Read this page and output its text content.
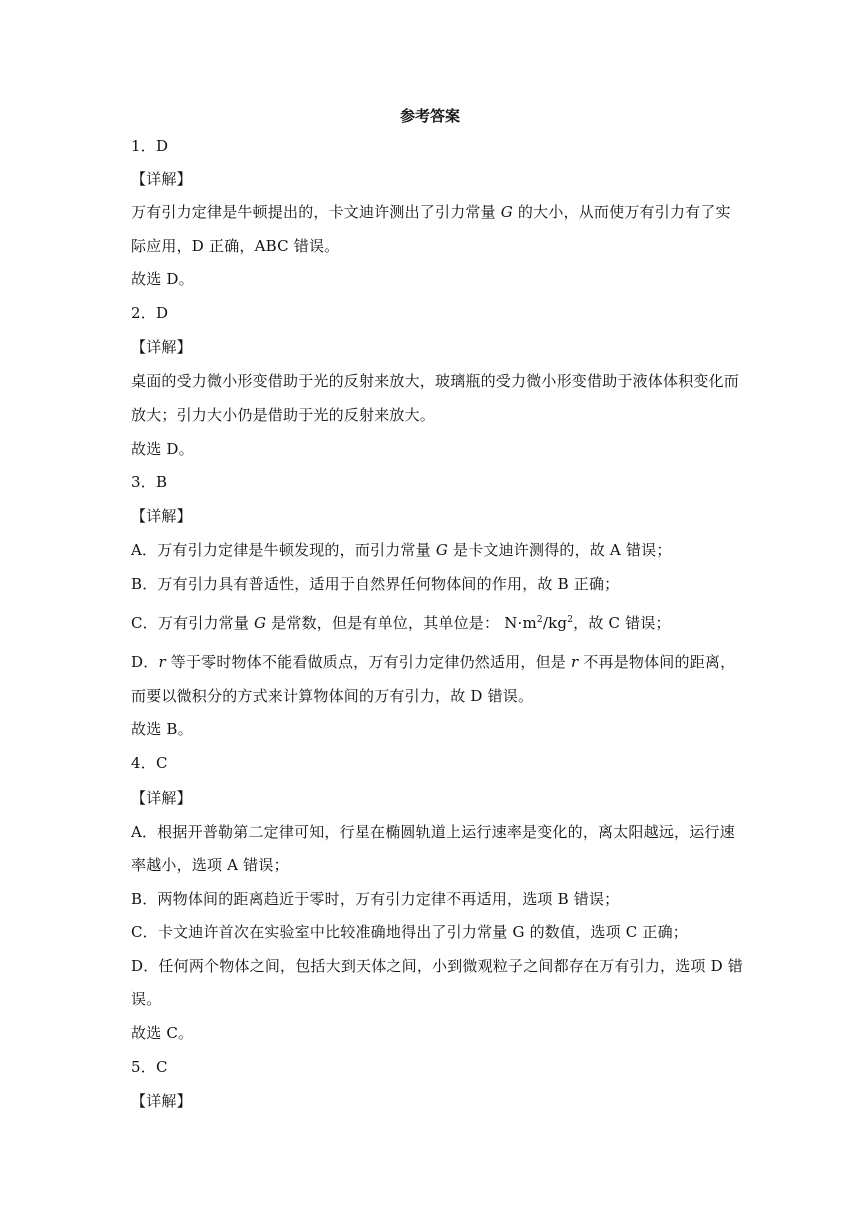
参考答案
1．D
【详解】
万有引力定律是牛顿提出的，卡文迪许测出了引力常量 G 的大小，从而使万有引力有了实
际应用，D 正确，ABC 错误。
故选 D。
2．D
【详解】
桌面的受力微小形变借助于光的反射来放大，玻璃瓶的受力微小形变借助于液体体积变化而
放大；引力大小仍是借助于光的反射来放大。
故选 D。
3．B
【详解】
A．万有引力定律是牛顿发现的，而引力常量 G 是卡文迪许测得的，故 A 错误；
B．万有引力具有普适性，适用于自然界任何物体间的作用，故 B 正确；
C．万有引力常量 G 是常数，但是有单位，其单位是： $N\cdot m^2/kg^2$，故 C 错误；
D．r 等于零时物体不能看做质点，万有引力定律仍然适用，但是 r 不再是物体间的距离，
而要以微积分的方式来计算物体间的万有引力，故 D 错误。
故选 B。
4．C
【详解】
A．根据开普勒第二定律可知，行星在椭圆轨道上运行速率是变化的，离太阳越远，运行速
率越小，选项 A 错误；
B．两物体间的距离趋近于零时，万有引力定律不再适用，选项 B 错误；
C．卡文迪许首次在实验室中比较准确地得出了引力常量 G 的数值，选项 C 正确；
D．任何两个物体之间，包括大到天体之间，小到微观粒子之间都存在万有引力，选项 D 错
误。
故选 C。
5．C
【详解】
